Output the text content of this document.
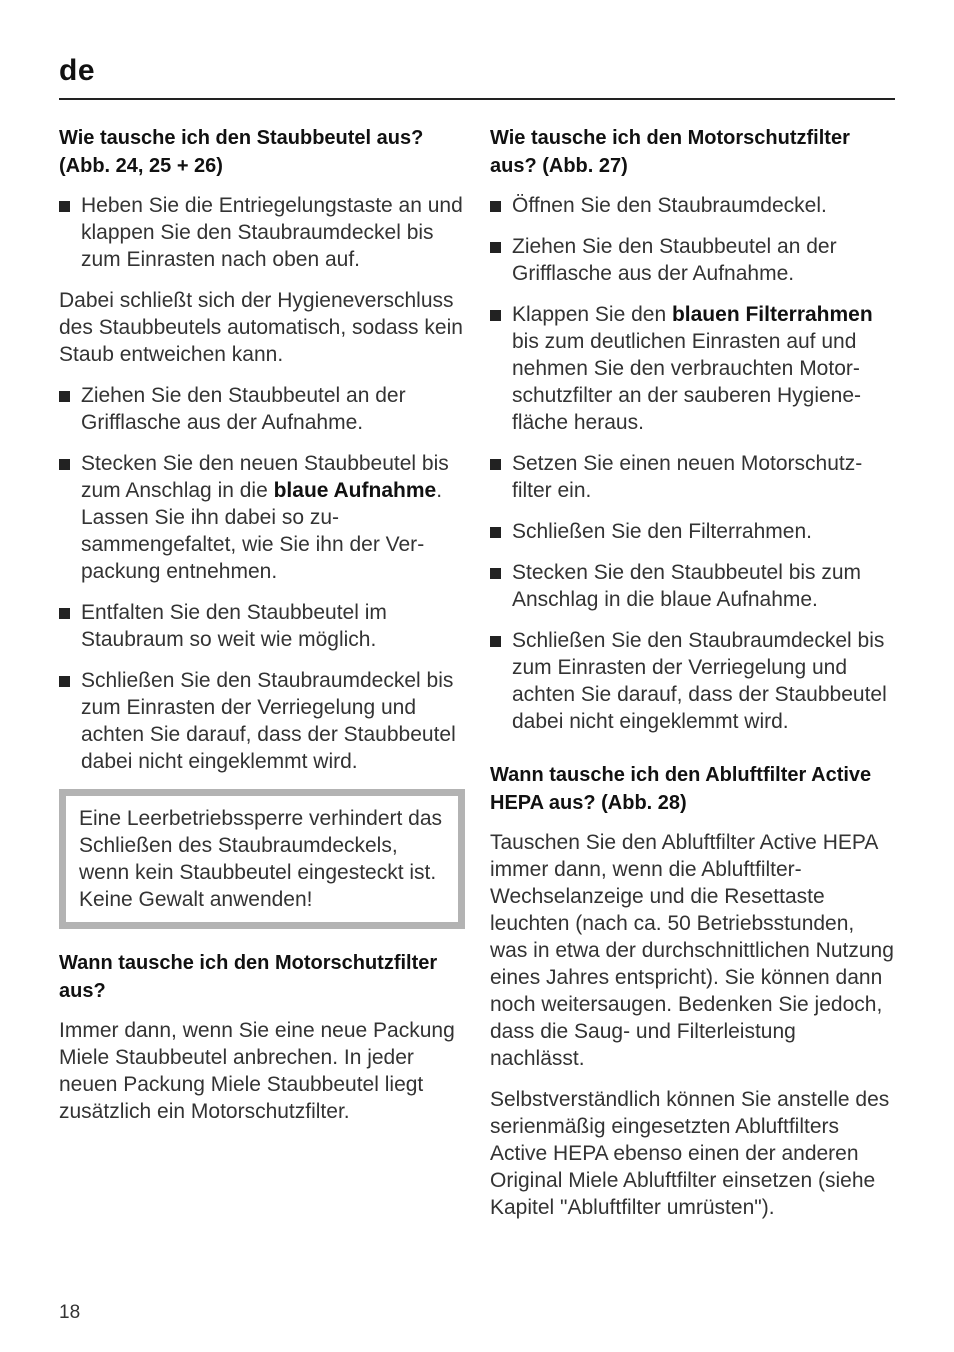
de
Wie tausche ich den Staubbeutel aus? (Abb. 24, 25 + 26)
Heben Sie die Entriegelungstaste an und klappen Sie den Staubraumdeckel bis zum Einrasten nach oben auf.

Dabei schließt sich der Hygieneverschluss des Staubbeutels automatisch, sodass kein Staub entweichen kann.

Ziehen Sie den Staubbeutel an der Grifflasche aus der Aufnahme.
Stecken Sie den neuen Staubbeutel bis zum Anschlag in die blaue Aufnahme. Lassen Sie ihn dabei so zusammengefaltet, wie Sie ihn der Verpackung entnehmen.
Entfalten Sie den Staubbeutel im Staubraum so weit wie möglich.
Schließen Sie den Staubraumdeckel bis zum Einrasten der Verriegelung und achten Sie darauf, dass der Staubbeutel dabei nicht eingeklemmt wird.

Eine Leerbetriebssperre verhindert das Schließen des Staubraumdeckels, wenn kein Staubbeutel eingesteckt ist. Keine Gewalt anwenden!

Wann tausche ich den Motorschutzfilter aus?

Immer dann, wenn Sie eine neue Packung Miele Staubbeutel anbrechen. In jeder neuen Packung Miele Staubbeutel liegt zusätzlich ein Motorschutzfilter.

Wie tausche ich den Motorschutzfilter aus? (Abb. 27)
Öffnen Sie den Staubraumdeckel.
Ziehen Sie den Staubbeutel an der Grifflasche aus der Aufnahme.
Klappen Sie den blauen Filterrahmen bis zum deutlichen Einrasten auf und nehmen Sie den verbrauchten Motorschutzfilter an der sauberen Hygienefläche heraus.
Setzen Sie einen neuen Motorschutzfilter ein.
Schließen Sie den Filterrahmen.
Stecken Sie den Staubbeutel bis zum Anschlag in die blaue Aufnahme.
Schließen Sie den Staubraumdeckel bis zum Einrasten der Verriegelung und achten Sie darauf, dass der Staubbeutel dabei nicht eingeklemmt wird.
Wann tausche ich den Abluftfilter Active HEPA aus? (Abb. 28)

Tauschen Sie den Abluftfilter Active HEPA immer dann, wenn die Abluftfilter-Wechselanzeige und die Resettaste leuchten (nach ca. 50 Betriebsstunden, was in etwa der durchschnittlichen Nutzung eines Jahres entspricht). Sie können dann noch weitersaugen. Bedenken Sie jedoch, dass die Saug- und Filterleistung nachlässt.

Selbstverständlich können Sie anstelle des serienmäßig eingesetzten Abluftfilters Active HEPA ebenso einen der anderen Original Miele Abluftfilter einsetzen (siehe Kapitel "Abluftfilter umrüsten").

18
